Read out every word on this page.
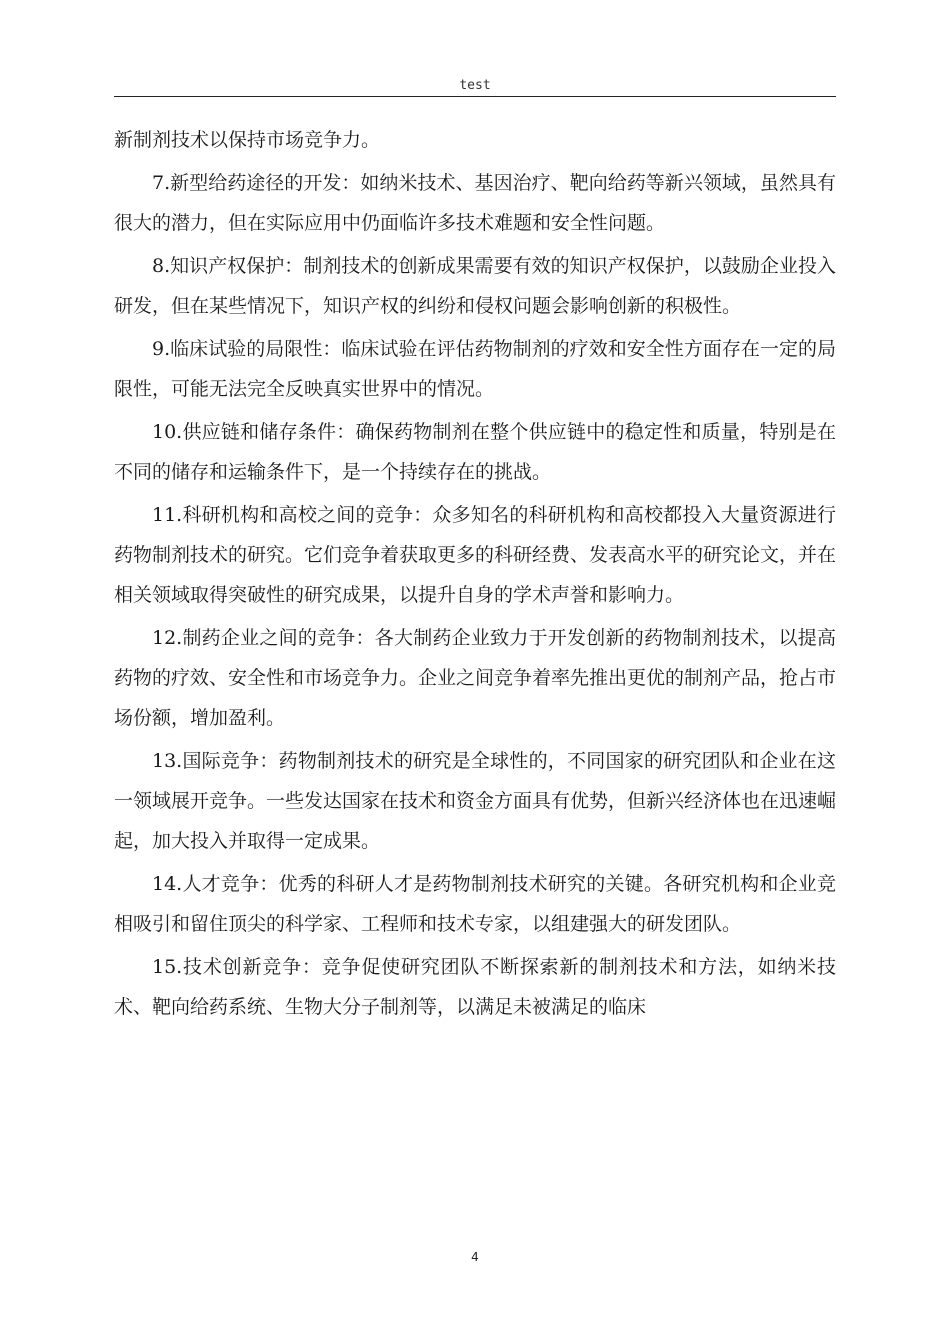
test

新制剂技术以保持市场竞争力。

7.新型给药途径的开发：如纳米技术、基因治疗、靶向给药等新兴领域，虽然具有很大的潜力，但在实际应用中仍面临许多技术难题和安全性问题。

8.知识产权保护：制剂技术的创新成果需要有效的知识产权保护，以鼓励企业投入研发，但在某些情况下，知识产权的纠纷和侵权问题会影响创新的积极性。

9.临床试验的局限性：临床试验在评估药物制剂的疗效和安全性方面存在一定的局限性，可能无法完全反映真实世界中的情况。

10.供应链和储存条件：确保药物制剂在整个供应链中的稳定性和质量，特别是在不同的储存和运输条件下，是一个持续存在的挑战。

11.科研机构和高校之间的竞争：众多知名的科研机构和高校都投入大量资源进行药物制剂技术的研究。它们竞争着获取更多的科研经费、发表高水平的研究论文，并在相关领域取得突破性的研究成果，以提升自身的学术声誉和影响力。

12.制药企业之间的竞争：各大制药企业致力于开发创新的药物制剂技术，以提高药物的疗效、安全性和市场竞争力。企业之间竞争着率先推出更优的制剂产品，抢占市场份额，增加盈利。

13.国际竞争：药物制剂技术的研究是全球性的，不同国家的研究团队和企业在这一领域展开竞争。一些发达国家在技术和资金方面具有优势，但新兴经济体也在迅速崛起，加大投入并取得一定成果。

14.人才竞争：优秀的科研人才是药物制剂技术研究的关键。各研究机构和企业竞相吸引和留住顶尖的科学家、工程师和技术专家，以组建强大的研发团队。

15.技术创新竞争：竞争促使研究团队不断探索新的制剂技术和方法，如纳米技术、靶向给药系统、生物大分子制剂等，以满足未被满足的临床

4
